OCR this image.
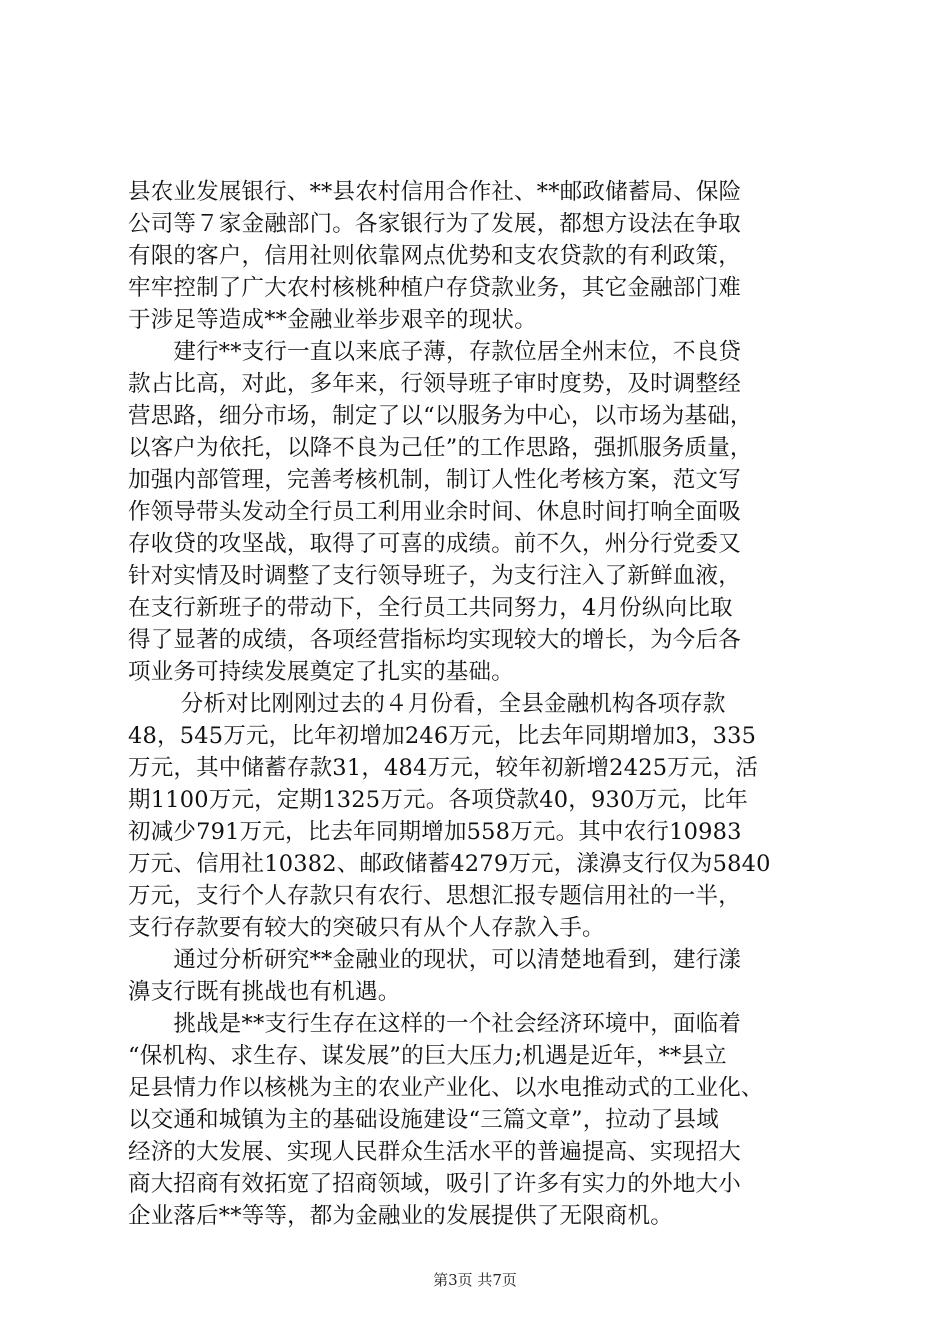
县农业发展银行、**县农村信用合作社、**邮政储蓄局、保险
公司等７家金融部门。各家银行为了发展，都想方设法在争取
有限的客户，信用社则依靠网点优势和支农贷款的有利政策，
牢牢控制了广大农村核桃种植户存贷款业务，其它金融部门难
于涉足等造成**金融业举步艰辛的现状。
　　建行**支行一直以来底子薄，存款位居全州末位，不良贷
款占比高，对此，多年来，行领导班子审时度势，及时调整经
营思路，细分市场，制定了以“以服务为中心，以市场为基础，
以客户为依托，以降不良为己任”的工作思路，强抓服务质量，
加强内部管理，完善考核机制，制订人性化考核方案，范文写
作领导带头发动全行员工利用业余时间、休息时间打响全面吸
存收贷的攻坚战，取得了可喜的成绩。前不久，州分行党委又
针对实情及时调整了支行领导班子，为支行注入了新鲜血液，
在支行新班子的带动下，全行员工共同努力，4月份纵向比取
得了显著的成绩，各项经营指标均实现较大的增长，为今后各
项业务可持续发展奠定了扎实的基础。
　　 分析对比刚刚过去的４月份看，全县金融机构各项存款
48，545万元，比年初增加246万元，比去年同期增加3，335
万元，其中储蓄存款31，484万元，较年初新增2425万元，活
期1100万元，定期1325万元。各项贷款40，930万元，比年
初减少791万元，比去年同期增加558万元。其中农行10983
万元、信用社10382、邮政储蓄4279万元，漾濞支行仅为5840
万元，支行个人存款只有农行、思想汇报专题信用社的一半，
支行存款要有较大的突破只有从个人存款入手。
　　通过分析研究**金融业的现状，可以清楚地看到，建行漾
濞支行既有挑战也有机遇。
　　挑战是**支行生存在这样的一个社会经济环境中，面临着
“保机构、求生存、谋发展”的巨大压力;机遇是近年，**县立
足县情力作以核桃为主的农业产业化、以水电推动式的工业化、
以交通和城镇为主的基础设施建设“三篇文章”，拉动了县域
经济的大发展、实现人民群众生活水平的普遍提高、实现招大
商大招商有效拓宽了招商领域，吸引了许多有实力的外地大小
企业落后**等等，都为金融业的发展提供了无限商机。
第3页 共7页
